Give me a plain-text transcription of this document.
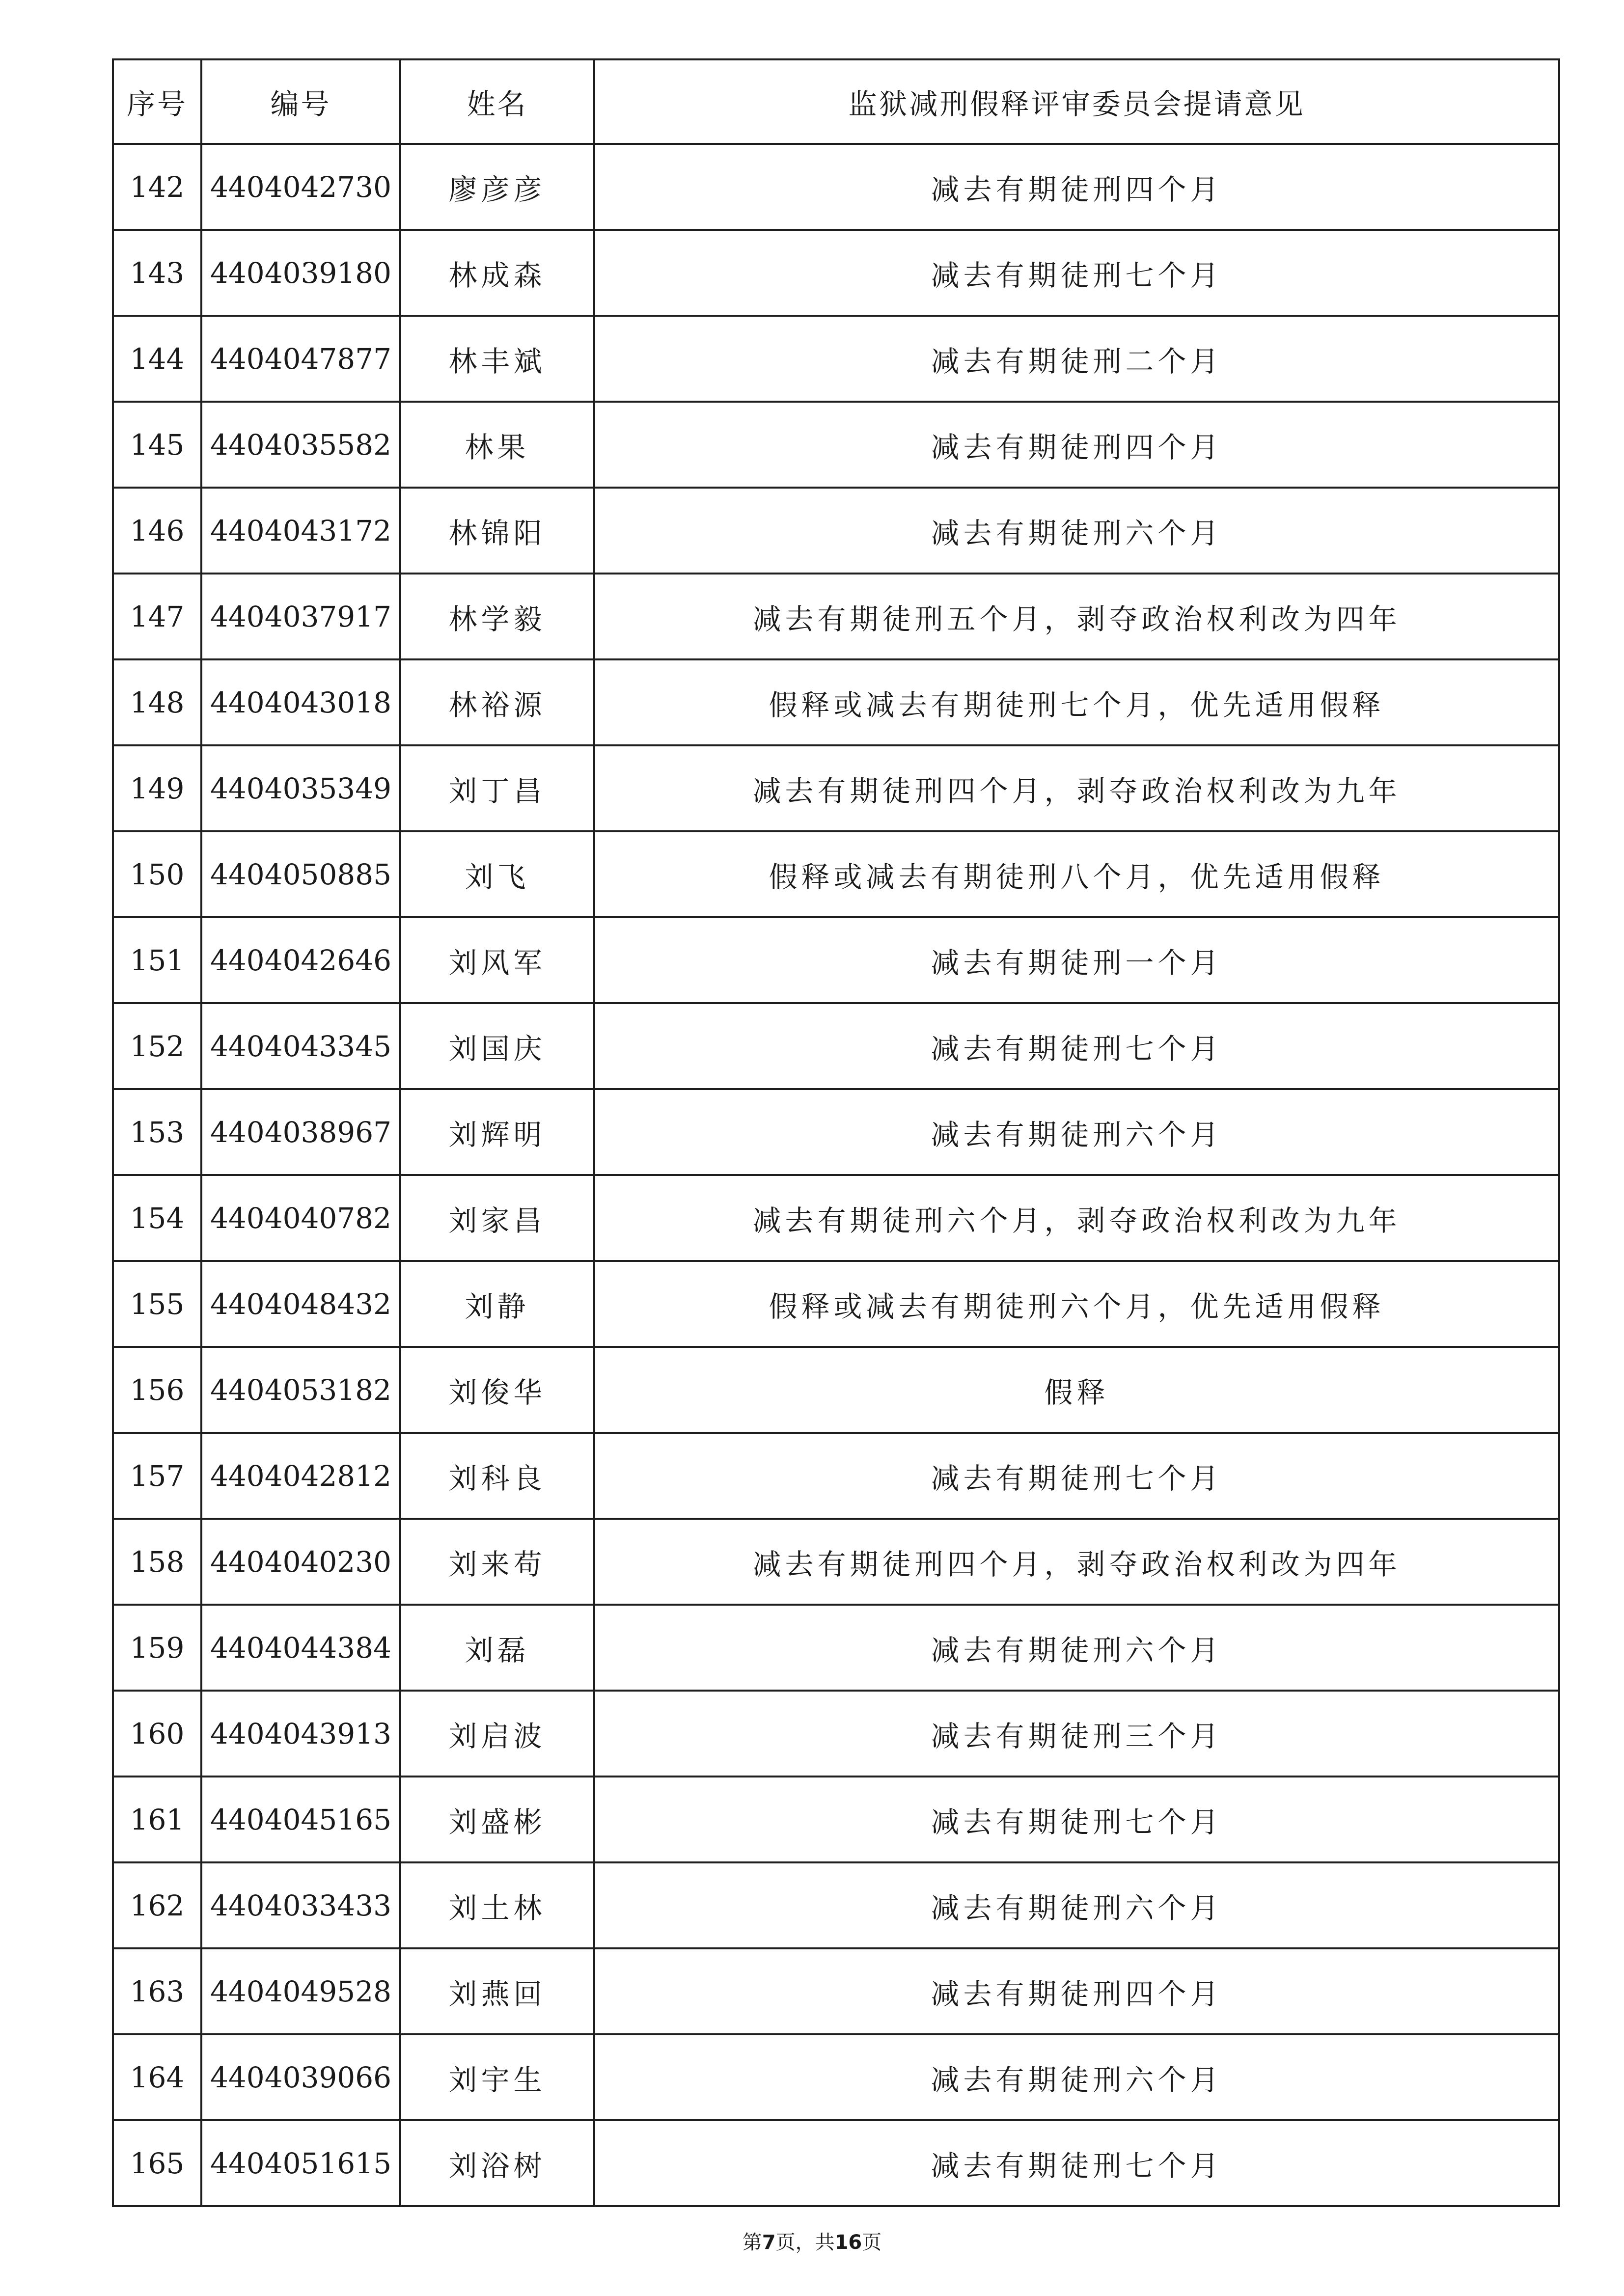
序号	编号	姓名	监狱减刑假释评审委员会提请意见
142	4404042730	廖彦彦	减去有期徒刑四个月
143	4404039180	林成森	减去有期徒刑七个月
144	4404047877	林丰斌	减去有期徒刑二个月
145	4404035582	林果	减去有期徒刑四个月
146	4404043172	林锦阳	减去有期徒刑六个月
147	4404037917	林学毅	减去有期徒刑五个月，剥夺政治权利改为四年
148	4404043018	林裕源	假释或减去有期徒刑七个月，优先适用假释
149	4404035349	刘丁昌	减去有期徒刑四个月，剥夺政治权利改为九年
150	4404050885	刘飞	假释或减去有期徒刑八个月，优先适用假释
151	4404042646	刘风军	减去有期徒刑一个月
152	4404043345	刘国庆	减去有期徒刑七个月
153	4404038967	刘辉明	减去有期徒刑六个月
154	4404040782	刘家昌	减去有期徒刑六个月，剥夺政治权利改为九年
155	4404048432	刘静	假释或减去有期徒刑六个月，优先适用假释
156	4404053182	刘俊华	假释
157	4404042812	刘科良	减去有期徒刑七个月
158	4404040230	刘来苟	减去有期徒刑四个月，剥夺政治权利改为四年
159	4404044384	刘磊	减去有期徒刑六个月
160	4404043913	刘启波	减去有期徒刑三个月
161	4404045165	刘盛彬	减去有期徒刑七个月
162	4404033433	刘土林	减去有期徒刑六个月
163	4404049528	刘燕回	减去有期徒刑四个月
164	4404039066	刘宇生	减去有期徒刑六个月
165	4404051615	刘浴树	减去有期徒刑七个月
第7页，共16页
